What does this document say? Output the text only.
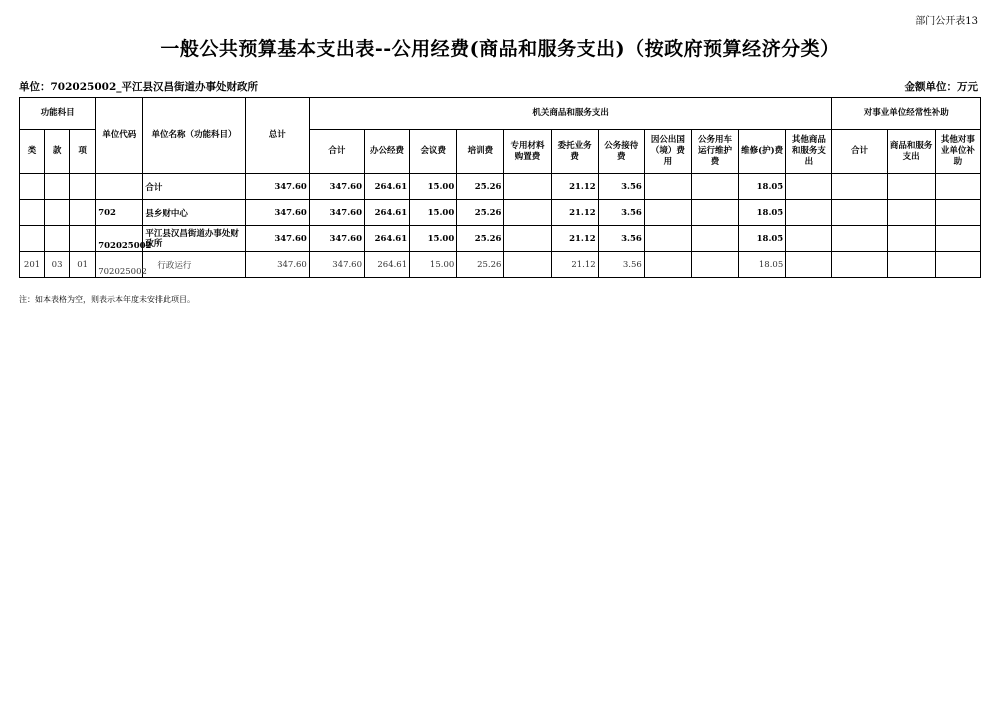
部门公开表13
一般公共预算基本支出表--公用经费(商品和服务支出)（按政府预算经济分类）
单位：702025002_平江县汉昌街道办事处财政所	金额单位：万元
功能科目			单位代码	单位名称（功能科目）	总计	机关商品和服务支出											对事业单位经常性补助		
类	款	项				合计	办公经费	会议费	培训费	专用材料购置费	委托业务费	公务接待费	因公出国（境）费用	公务用车运行维护费	维修(护)费	其他商品和服务支出	合计	商品和服务支出	其他对事业单位补助
				合计	347.60	347.60	264.61	15.00	25.26		21.12	3.56			18.05				
			702	县乡财中心	347.60	347.60	264.61	15.00	25.26		21.12	3.56			18.05				
			702025002	平江县汉昌街道办事处财政所	347.60	347.60	264.61	15.00	25.26		21.12	3.56			18.05				
201	03	01	702025002	行政运行	347.60	347.60	264.61	15.00	25.26		21.12	3.56			18.05				
注：如本表格为空，则表示本年度未安排此项目。
